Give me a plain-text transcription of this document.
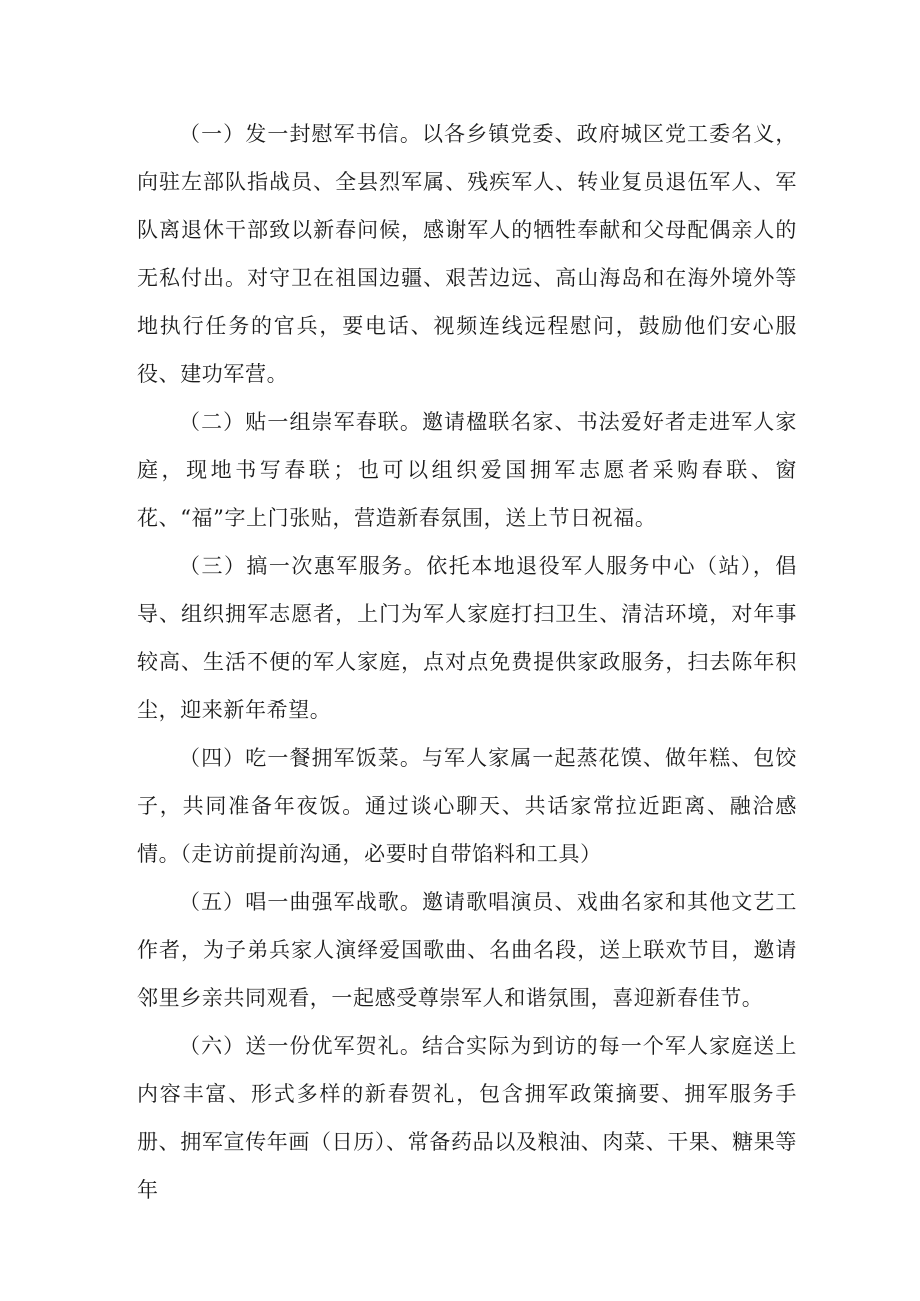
（一）发一封慰军书信。以各乡镇党委、政府城区党工委名义，向驻左部队指战员、全县烈军属、残疾军人、转业复员退伍军人、军队离退休干部致以新春问候，感谢军人的牺牲奉献和父母配偶亲人的无私付出。对守卫在祖国边疆、艰苦边远、高山海岛和在海外境外等地执行任务的官兵，要电话、视频连线远程慰问，鼓励他们安心服役、建功军营。

（二）贴一组崇军春联。邀请楹联名家、书法爱好者走进军人家庭，现地书写春联；也可以组织爱国拥军志愿者采购春联、窗花、“福”字上门张贴，营造新春氛围，送上节日祝福。

（三）搞一次惠军服务。依托本地退役军人服务中心（站），倡导、组织拥军志愿者，上门为军人家庭打扫卫生、清洁环境，对年事较高、生活不便的军人家庭，点对点免费提供家政服务，扫去陈年积尘，迎来新年希望。

（四）吃一餐拥军饭菜。与军人家属一起蒸花馍、做年糕、包饺子，共同准备年夜饭。通过谈心聊天、共话家常拉近距离、融洽感情。（走访前提前沟通，必要时自带馅料和工具）

（五）唱一曲强军战歌。邀请歌唱演员、戏曲名家和其他文艺工作者，为子弟兵家人演绎爱国歌曲、名曲名段，送上联欢节目，邀请邻里乡亲共同观看，一起感受尊崇军人和谐氛围，喜迎新春佳节。

（六）送一份优军贺礼。结合实际为到访的每一个军人家庭送上内容丰富、形式多样的新春贺礼，包含拥军政策摘要、拥军服务手册、拥军宣传年画（日历）、常备药品以及粮油、肉菜、干果、糖果等年
